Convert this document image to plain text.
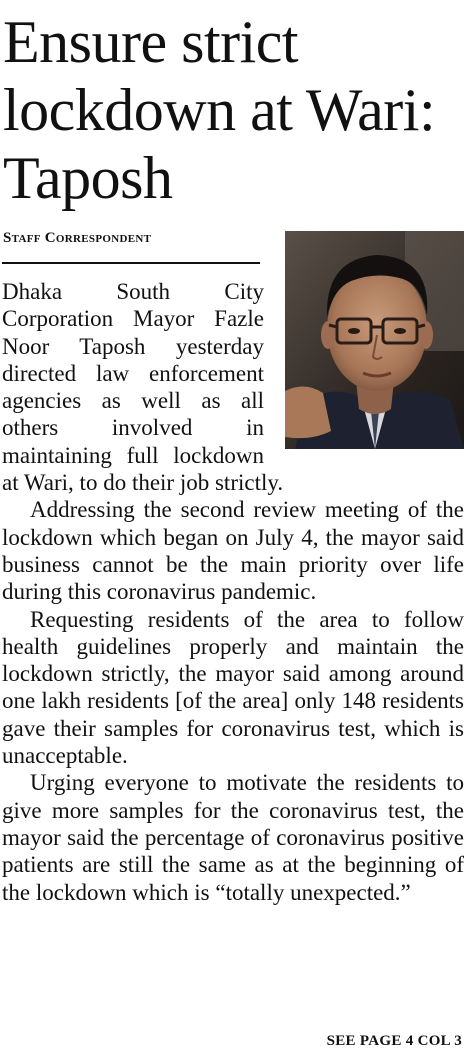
Ensure strict lockdown at Wari: Taposh
Staff Correspondent

Dhaka South City Corporation Mayor Fazle Noor Taposh yesterday directed law enforcement agencies as well as all others involved in maintaining full lockdown at Wari, to do their job strictly.

Addressing the second review meeting of the lockdown which began on July 4, the mayor said business cannot be the main priority over life during this coronavirus pandemic.

Requesting residents of the area to follow health guidelines properly and maintain the lockdown strictly, the mayor said among around one lakh residents [of the area] only 148 residents gave their samples for coronavirus test, which is unacceptable.

Urging everyone to motivate the residents to give more samples for the coronavirus test, the mayor said the percentage of coronavirus positive patients are still the same as at the beginning of the lockdown which is “totally unexpected.”

SEE PAGE 4 COL 3
